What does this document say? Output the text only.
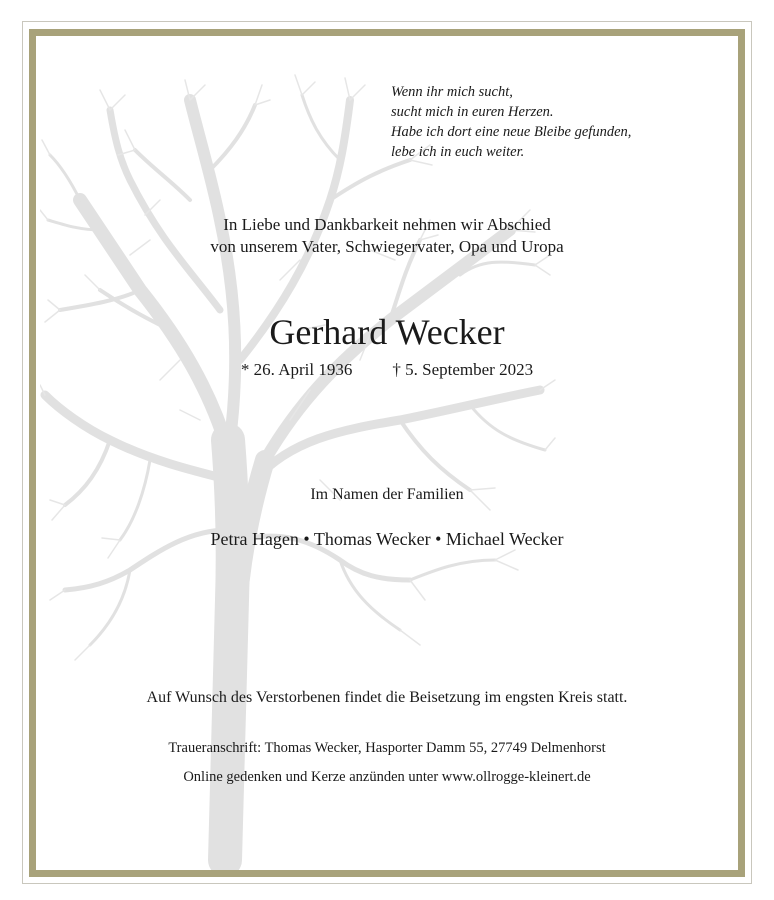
Wenn ihr mich sucht,
sucht mich in euren Herzen.
Habe ich dort eine neue Bleibe gefunden,
lebe ich in euch weiter.
In Liebe und Dankbarkeit nehmen wir Abschied
von unserem Vater, Schwiegervater, Opa und Uropa
Gerhard Wecker
* 26. April 1936 † 5. September 2023
Im Namen der Familien
Petra Hagen • Thomas Wecker • Michael Wecker
Auf Wunsch des Verstorbenen findet die Beisetzung im engsten Kreis statt.
Traueranschrift: Thomas Wecker, Hasporter Damm 55, 27749 Delmenhorst
Online gedenken und Kerze anzünden unter www.ollrogge-kleinert.de
